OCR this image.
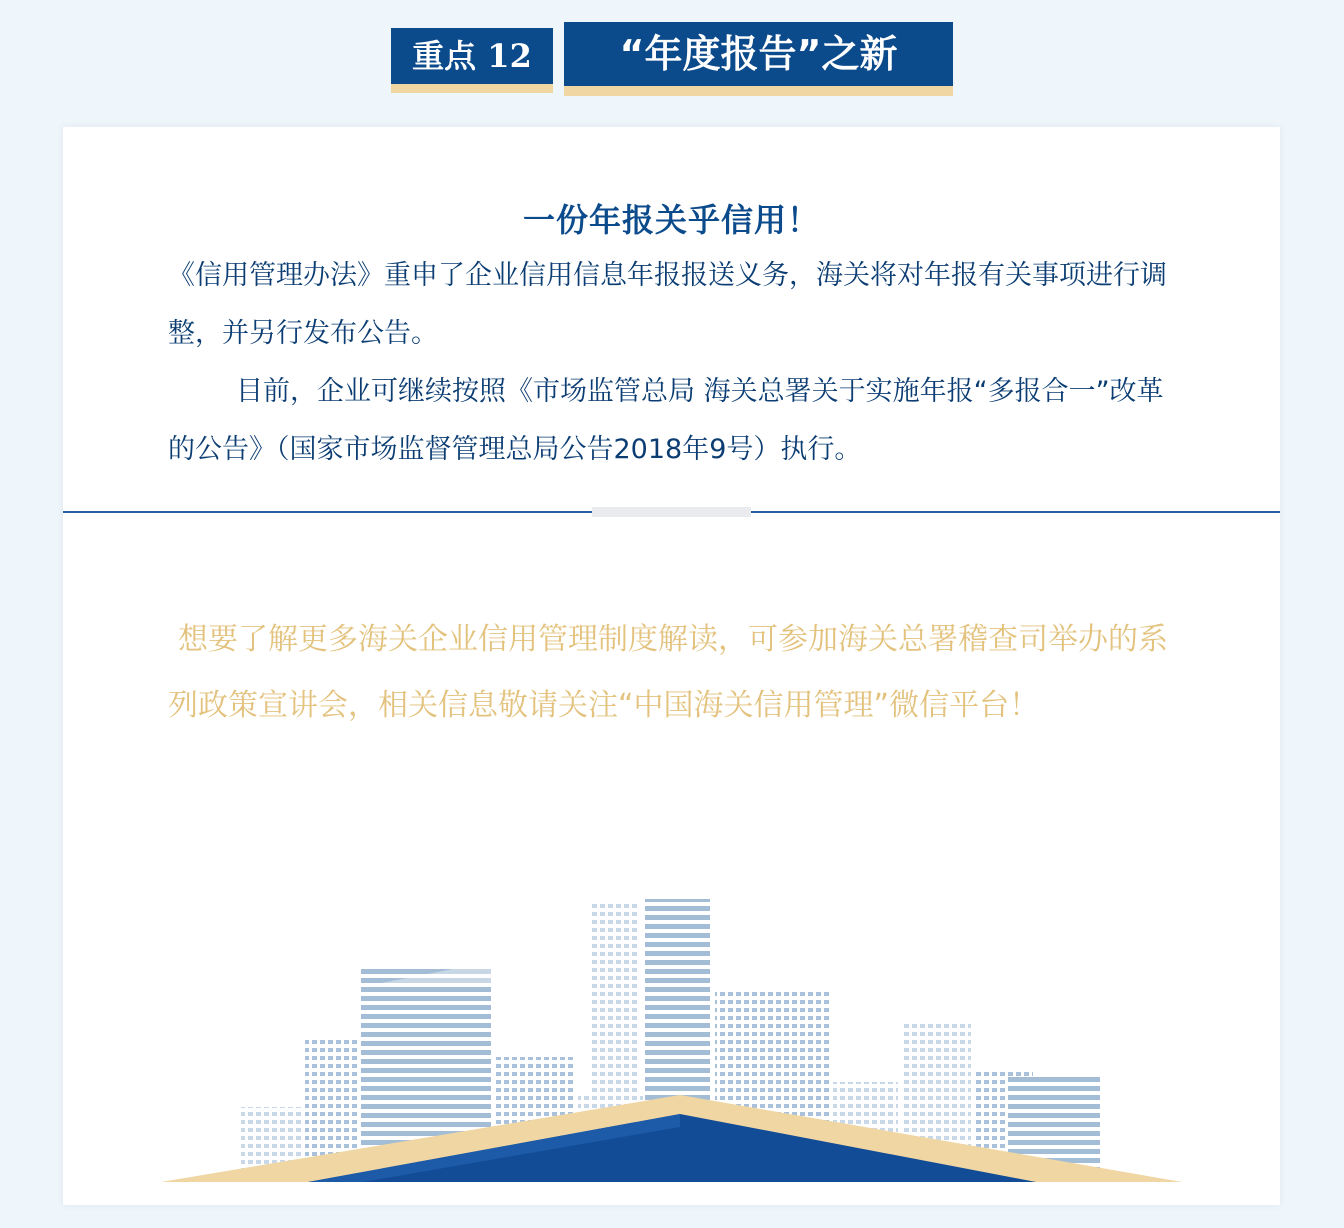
重点 12	“年度报告”之新
一份年报关乎信用！
《信用管理办法》重申了企业信用信息年报报送义务，海关将对年报有关事项进行调整，并另行发布公告。
目前，企业可继续按照《市场监管总局 海关总署关于实施年报“多报合一”改革的公告》（国家市场监督管理总局公告2018年9号）执行。
想要了解更多海关企业信用管理制度解读，可参加海关总署稽查司举办的系列政策宣讲会，相关信息敬请关注“中国海关信用管理”微信平台！
